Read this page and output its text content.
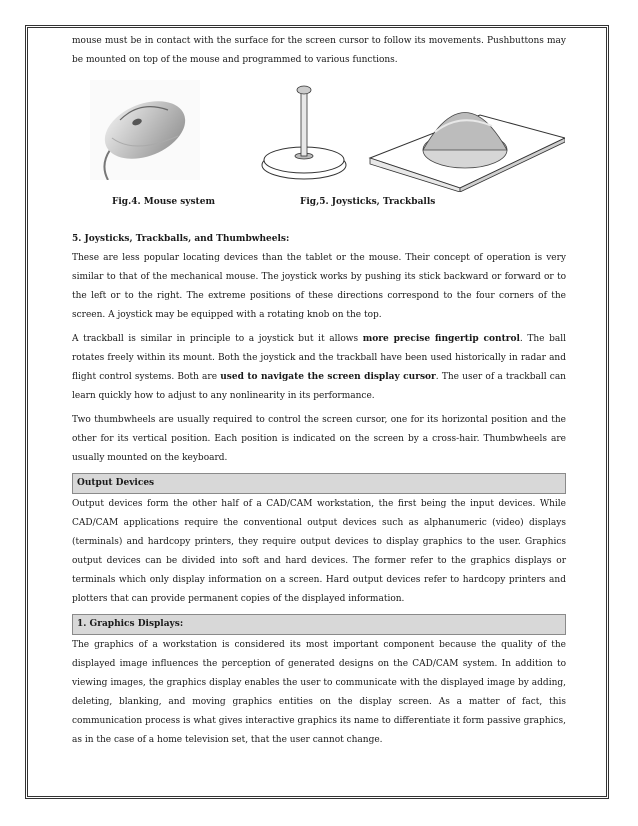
mouse must be in contact with the surface for the screen cursor to follow its movements. Pushbuttons may be mounted on top of the mouse and programmed to various functions.

Fig.4. Mouse system	Fig,5. Joysticks, Trackballs
5. Joysticks, Trackballs, and Thumbwheels:

These are less popular locating devices than the tablet or the mouse. Their concept of operation is very similar to that of the mechanical mouse. The joystick works by pushing its stick backward or forward or to the left or to the right. The extreme positions of these directions correspond to the four corners of the screen. A joystick may be equipped with a rotating knob on the top.

A trackball is similar in principle to a joystick but it allows more precise fingertip control. The ball rotates freely within its mount. Both the joystick and the trackball have been used historically in radar and flight control systems. Both are used to navigate the screen display cursor. The user of a trackball can learn quickly how to adjust to any nonlinearity in its performance.

Two thumbwheels are usually required to control the screen cursor, one for its horizontal position and the other for its vertical position. Each position is indicated on the screen by a cross-hair. Thumbwheels are usually mounted on the keyboard.

Output Devices

Output devices form the other half of a CAD/CAM workstation, the first being the input devices. While CAD/CAM applications require the conventional output devices such as alphanumeric (video) displays (terminals) and hardcopy printers, they require output devices to display graphics to the user. Graphics output devices can be divided into soft and hard devices. The former refer to the graphics displays or terminals which only display information on a screen. Hard output devices refer to hardcopy printers and plotters that can provide permanent copies of the displayed information.

1. Graphics Displays:

The graphics of a workstation is considered its most important component because the quality of the displayed image influences the perception of generated designs on the CAD/CAM system. In addition to viewing images, the graphics display enables the user to communicate with the displayed image by adding, deleting, blanking, and moving graphics entities on the display screen. As a matter of fact, this communication process is what gives interactive graphics its name to differentiate it form passive graphics, as in the case of a home television set, that the user cannot change.
